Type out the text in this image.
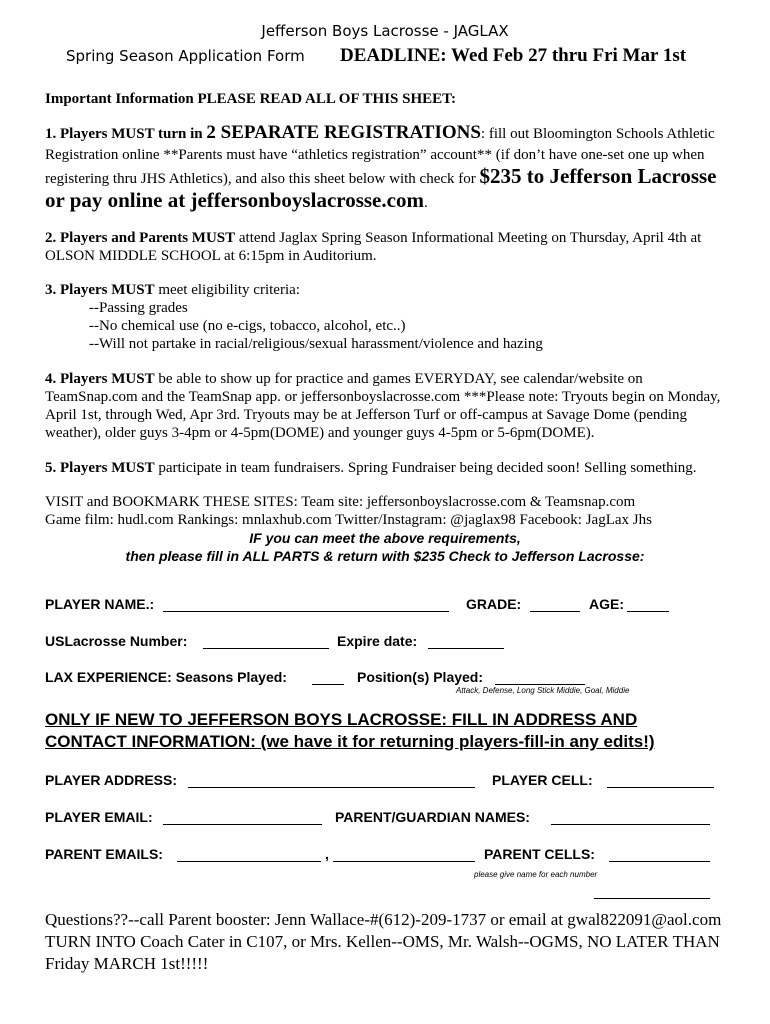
Jefferson Boys Lacrosse - JAGLAX
Spring Season Application Form DEADLINE: Wed Feb 27 thru Fri Mar 1st
Important Information PLEASE READ ALL OF THIS SHEET:
1. Players MUST turn in 2 SEPARATE REGISTRATIONS: fill out Bloomington Schools Athletic Registration online **Parents must have “athletics registration” account** (if don’t have one-set one up when registering thru JHS Athletics), and also this sheet below with check for $235 to Jefferson Lacrosse or pay online at jeffersonboyslacrosse.com.
2. Players and Parents MUST attend Jaglax Spring Season Informational Meeting on Thursday, April 4th at OLSON MIDDLE SCHOOL at 6:15pm in Auditorium.
3. Players MUST meet eligibility criteria:
--Passing grades
--No chemical use (no e-cigs, tobacco, alcohol, etc..)
--Will not partake in racial/religious/sexual harassment/violence and hazing
4. Players MUST be able to show up for practice and games EVERYDAY, see calendar/website on TeamSnap.com and the TeamSnap app. or jeffersonboyslacrosse.com ***Please note: Tryouts begin on Monday, April 1st, through Wed, Apr 3rd. Tryouts may be at Jefferson Turf or off-campus at Savage Dome (pending weather), older guys 3-4pm or 4-5pm(DOME) and younger guys 4-5pm or 5-6pm(DOME).
5. Players MUST participate in team fundraisers. Spring Fundraiser being decided soon! Selling something.
VISIT and BOOKMARK THESE SITES: Team site: jeffersonboyslacrosse.com & Teamsnap.com
Game film: hudl.com Rankings: mnlaxhub.com Twitter/Instagram: @jaglax98 Facebook: JagLax Jhs
IF you can meet the above requirements,
then please fill in ALL PARTS & return with $235 Check to Jefferson Lacrosse:
PLAYER NAME.:	GRADE:	AGE:
USLacrosse Number:	Expire date:
LAX EXPERIENCE: Seasons Played:	Position(s) Played:
Attack, Defense, Long Stick Middie, Goal, Middie
ONLY IF NEW TO JEFFERSON BOYS LACROSSE: FILL IN ADDRESS AND
CONTACT INFORMATION: (we have it for returning players-fill-in any edits!)
PLAYER ADDRESS:	PLAYER CELL:
PLAYER EMAIL:	PARENT/GUARDIAN NAMES:
PARENT EMAILS:	,	PARENT CELLS:
please give name for each number
Questions??--call Parent booster: Jenn Wallace-#(612)-209-1737 or email at gwal822091@aol.com
TURN INTO Coach Cater in C107, or Mrs. Kellen--OMS, Mr. Walsh--OGMS, NO LATER THAN Friday MARCH 1st!!!!!
